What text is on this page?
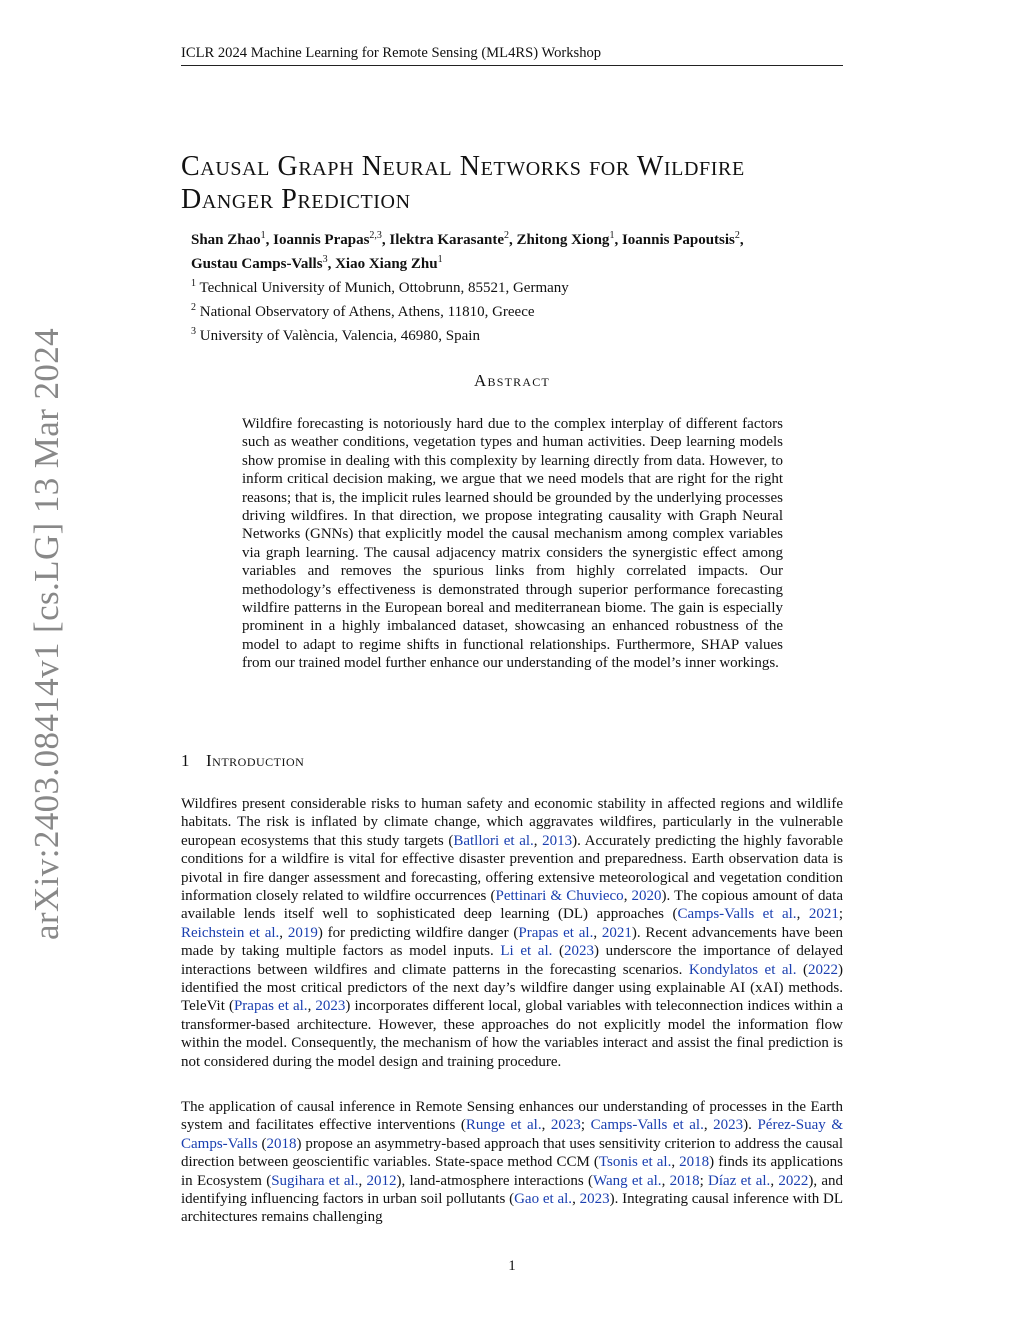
ICLR 2024 Machine Learning for Remote Sensing (ML4RS) Workshop
arXiv:2403.08414v1 [cs.LG] 13 Mar 2024
Causal Graph Neural Networks for Wildfire
Danger Prediction
Shan Zhao$^1$, Ioannis Prapas$^{2,3}$, Ilektra Karasante$^2$, Zhitong Xiong$^1$, Ioannis Papoutsis$^2$,
Gustau Camps-Valls$^3$, Xiao Xiang Zhu$^1$
$^1$ Technical University of Munich, Ottobrunn, 85521, Germany
$^2$ National Observatory of Athens, Athens, 11810, Greece
$^3$ University of València, Valencia, 46980, Spain
Abstract

Wildfire forecasting is notoriously hard due to the complex interplay of different factors such as weather conditions, vegetation types and human activities. Deep learning models show promise in dealing with this complexity by learning directly from data. However, to inform critical decision making, we argue that we need models that are right for the right reasons; that is, the implicit rules learned should be grounded by the underlying processes driving wildfires. In that direction, we propose integrating causality with Graph Neural Networks (GNNs) that explicitly model the causal mechanism among complex variables via graph learning. The causal adjacency matrix considers the synergistic effect among variables and removes the spurious links from highly correlated impacts. Our methodology’s effectiveness is demonstrated through superior performance forecasting wildfire patterns in the European boreal and mediterranean biome. The gain is especially prominent in a highly imbalanced dataset, showcasing an enhanced robustness of the model to adapt to regime shifts in functional relationships. Furthermore, SHAP values from our trained model further enhance our understanding of the model’s inner workings.

1 Introduction

Wildfires present considerable risks to human safety and economic stability in affected regions and wildlife habitats. The risk is inflated by climate change, which aggravates wildfires, particularly in the vulnerable european ecosystems that this study targets (Batllori et al., 2013). Accurately predicting the highly favorable conditions for a wildfire is vital for effective disaster prevention and preparedness. Earth observation data is pivotal in fire danger assessment and forecasting, offering extensive meteorological and vegetation condition information closely related to wildfire occurrences (Pettinari & Chuvieco, 2020). The copious amount of data available lends itself well to sophisticated deep learning (DL) approaches (Camps-Valls et al., 2021; Reichstein et al., 2019) for predicting wildfire danger (Prapas et al., 2021). Recent advancements have been made by taking multiple factors as model inputs. Li et al. (2023) underscore the importance of delayed interactions between wildfires and climate patterns in the forecasting scenarios. Kondylatos et al. (2022) identified the most critical predictors of the next day’s wildfire danger using explainable AI (xAI) methods. TeleVit (Prapas et al., 2023) incorporates different local, global variables with teleconnection indices within a transformer-based architecture. However, these approaches do not explicitly model the information flow within the model. Consequently, the mechanism of how the variables interact and assist the final prediction is not considered during the model design and training procedure.

The application of causal inference in Remote Sensing enhances our understanding of processes in the Earth system and facilitates effective interventions (Runge et al., 2023; Camps-Valls et al., 2023). Pérez-Suay & Camps-Valls (2018) propose an asymmetry-based approach that uses sensitivity criterion to address the causal direction between geoscientific variables. State-space method CCM (Tsonis et al., 2018) finds its applications in Ecosystem (Sugihara et al., 2012), land-atmosphere interactions (Wang et al., 2018; Díaz et al., 2022), and identifying influencing factors in urban soil pollutants (Gao et al., 2023). Integrating causal inference with DL architectures remains challenging

1
